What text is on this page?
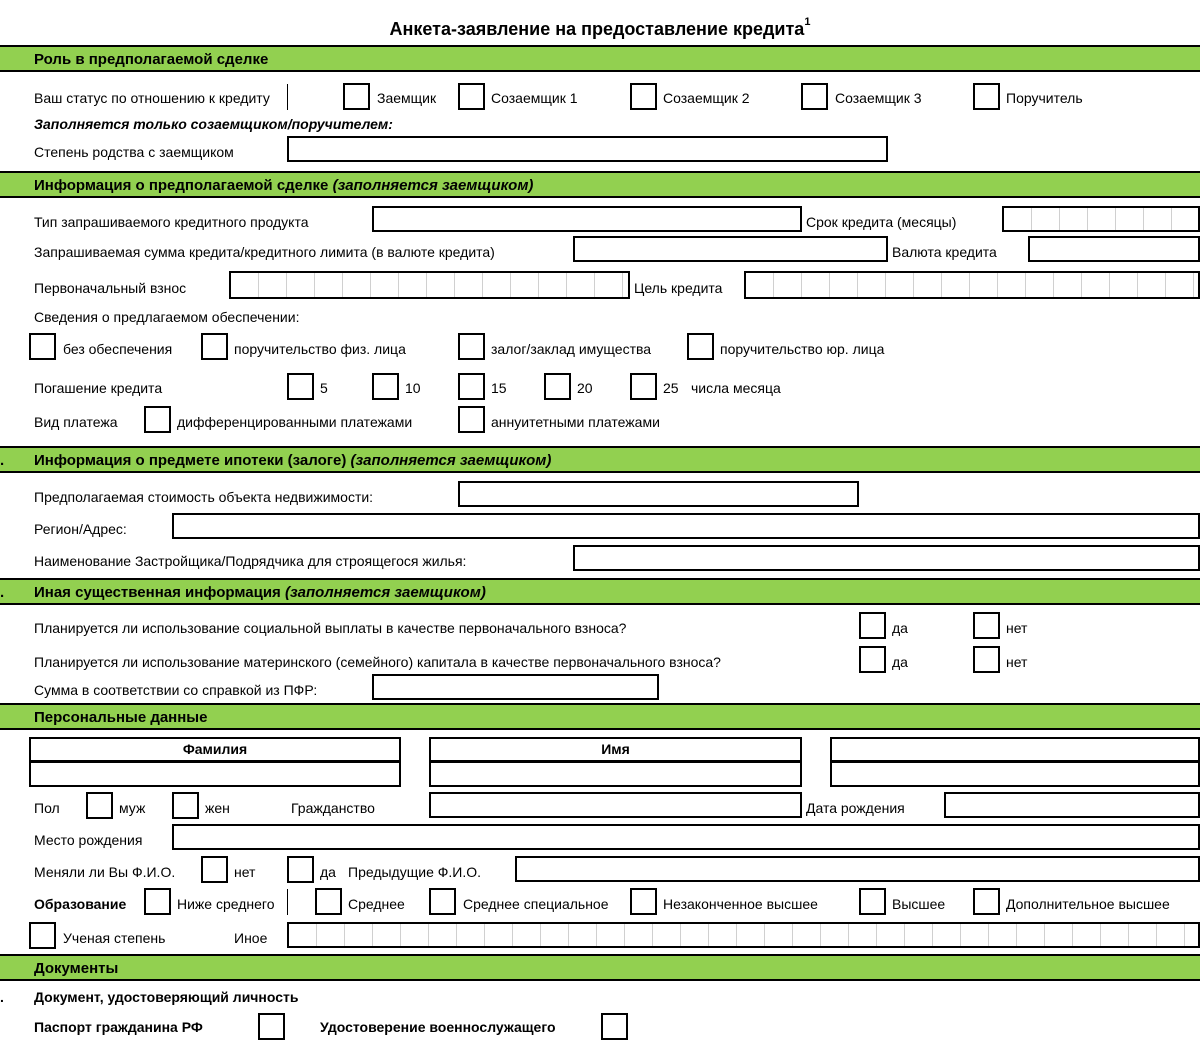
Анкета-заявление на предоставление кредита$^1$
Роль в предполагаемой сделке
Ваш статус по отношению к кредиту	Заемщик	Созаемщик 1	Созаемщик 2	Созаемщик 3	Поручитель
Заполняется только созаемщиком/поручителем:
Степень родства с заемщиком
Информация о предполагаемой сделке (заполняется заемщиком)
Тип запрашиваемого кредитного продукта	Срок кредита (месяцы)
Запрашиваемая сумма кредита/кредитного лимита (в валюте кредита)	Валюта кредита
Первоначальный взнос	Цель кредита
Сведения о предлагаемом обеспечении:
без обеспечения	поручительство физ. лица	залог/заклад имущества	поручительство юр. лица
Погашение кредита	5	10	15	20	25 числа месяца
Вид платежа	дифференцированными платежами	аннуитетными платежами
. Информация о предмете ипотеки (залоге) (заполняется заемщиком)
Предполагаемая стоимость объекта недвижимости:
Регион/Адрес:
Наименование Застройщика/Подрядчика для строящегося жилья:
. Иная существенная информация (заполняется заемщиком)
Планируется ли использование социальной выплаты в качестве первоначального взноса?	да	нет
Планируется ли использование материнского (семейного) капитала в качестве первоначального взноса?	да	нет
Сумма в соответствии со справкой из ПФР:
Персональные данные
Фамилия	Имя
Пол	муж	жен	Гражданство	Дата рождения
Место рождения
Меняли ли Вы Ф.И.О.	нет	да Предыдущие Ф.И.О.
Образование	Ниже среднего	Среднее	Среднее специальное	Незаконченное высшее	Высшее	Дополнительное высшее
Ученая степень	Иное
Документы
. Документ, удостоверяющий личность
Паспорт гражданина РФ	Удостоверение военнослужащего
